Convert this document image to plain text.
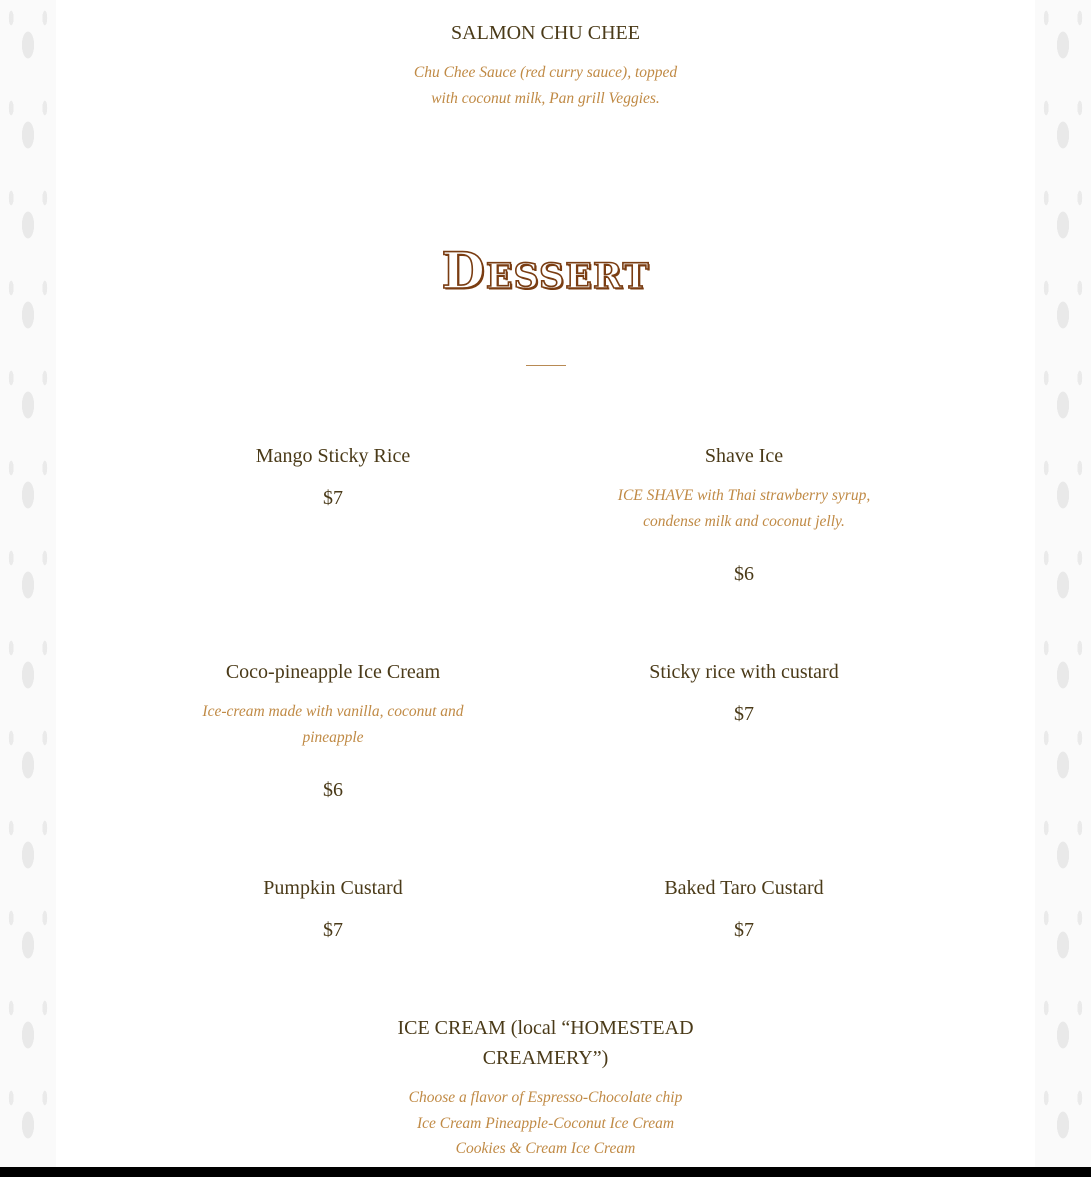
SALMON CHU CHEE

Chu Chee Sauce (red curry sauce), topped
with coconut milk, Pan grill Veggies.

Dessert
Mango Sticky Rice
$7
Shave Ice

ICE SHAVE with Thai strawberry syrup,
condense milk and coconut jelly.

$6
Coco-pineapple Ice Cream

Ice-cream made with vanilla, coconut and
pineapple

$6
Sticky rice with custard
$7
Pumpkin Custard
$7
Baked Taro Custard
$7
ICE CREAM (local “HOMESTEAD
CREAMERY”)

Choose a flavor of Espresso-Chocolate chip
Ice Cream Pineapple-Coconut Ice Cream
Cookies & Cream Ice Cream
